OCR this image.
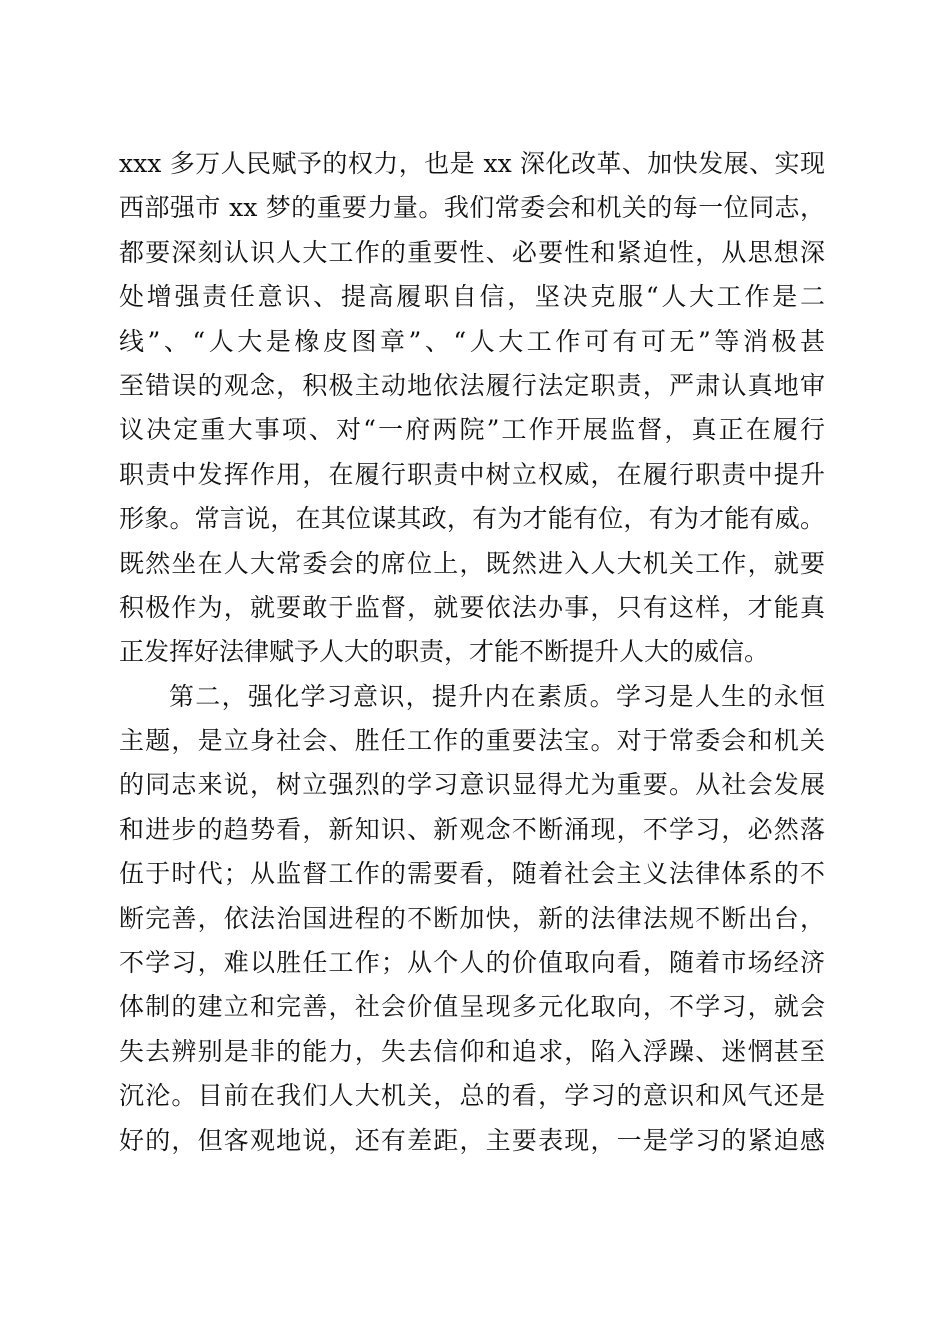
xxx 多万人民赋予的权力，也是 xx 深化改革、加快发展、实现
西部强市 xx 梦的重要力量。我们常委会和机关的每一位同志，
都要深刻认识人大工作的重要性、必要性和紧迫性，从思想深
处增强责任意识、提高履职自信，坚决克服“人大工作是二
线”、“人大是橡皮图章”、“人大工作可有可无”等消极甚
至错误的观念，积极主动地依法履行法定职责，严肃认真地审
议决定重大事项、对“一府两院”工作开展监督，真正在履行
职责中发挥作用，在履行职责中树立权威，在履行职责中提升
形象。常言说，在其位谋其政，有为才能有位，有为才能有威。
既然坐在人大常委会的席位上，既然进入人大机关工作，就要
积极作为，就要敢于监督，就要依法办事，只有这样，才能真
正发挥好法律赋予人大的职责，才能不断提升人大的威信。
第二，强化学习意识，提升内在素质。学习是人生的永恒
主题，是立身社会、胜任工作的重要法宝。对于常委会和机关
的同志来说，树立强烈的学习意识显得尤为重要。从社会发展
和进步的趋势看，新知识、新观念不断涌现，不学习，必然落
伍于时代；从监督工作的需要看，随着社会主义法律体系的不
断完善，依法治国进程的不断加快，新的法律法规不断出台，
不学习，难以胜任工作；从个人的价值取向看，随着市场经济
体制的建立和完善，社会价值呈现多元化取向，不学习，就会
失去辨别是非的能力，失去信仰和追求，陷入浮躁、迷惘甚至
沉沦。目前在我们人大机关，总的看，学习的意识和风气还是
好的，但客观地说，还有差距，主要表现，一是学习的紧迫感
